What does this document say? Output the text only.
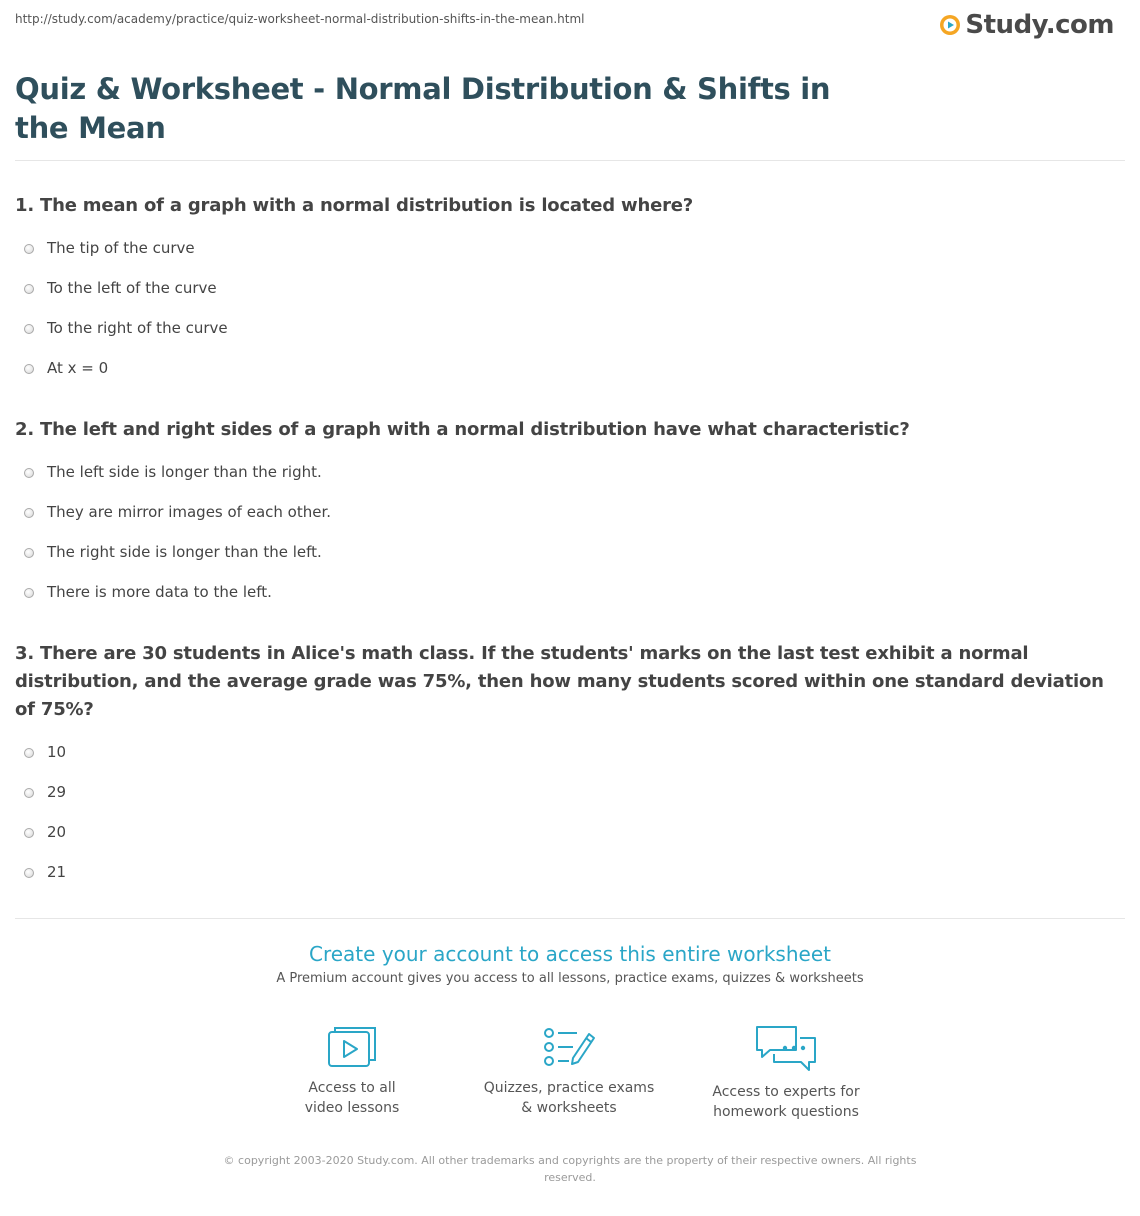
http://study.com/academy/practice/quiz-worksheet-normal-distribution-shifts-in-the-mean.html	Study.com
Quiz & Worksheet - Normal Distribution & Shifts in the Mean

1. The mean of a graph with a normal distribution is located where?

The tip of the curve
To the left of the curve
To the right of the curve
At x = 0

2. The left and right sides of a graph with a normal distribution have what characteristic?

The left side is longer than the right.
They are mirror images of each other.
The right side is longer than the left.
There is more data to the left.

3. There are 30 students in Alice's math class. If the students' marks on the last test exhibit a normal distribution, and the average grade was 75%, then how many students scored within one standard deviation of 75%?

10
29
20
21
Create your account to access this entire worksheet

A Premium account gives you access to all lessons, practice exams, quizzes & worksheets

Access to all
video lessons
Quizzes, practice exams
& worksheets
Access to experts for
homework questions
© copyright 2003-2020 Study.com. All other trademarks and copyrights are the property of their respective owners. All rights reserved.
